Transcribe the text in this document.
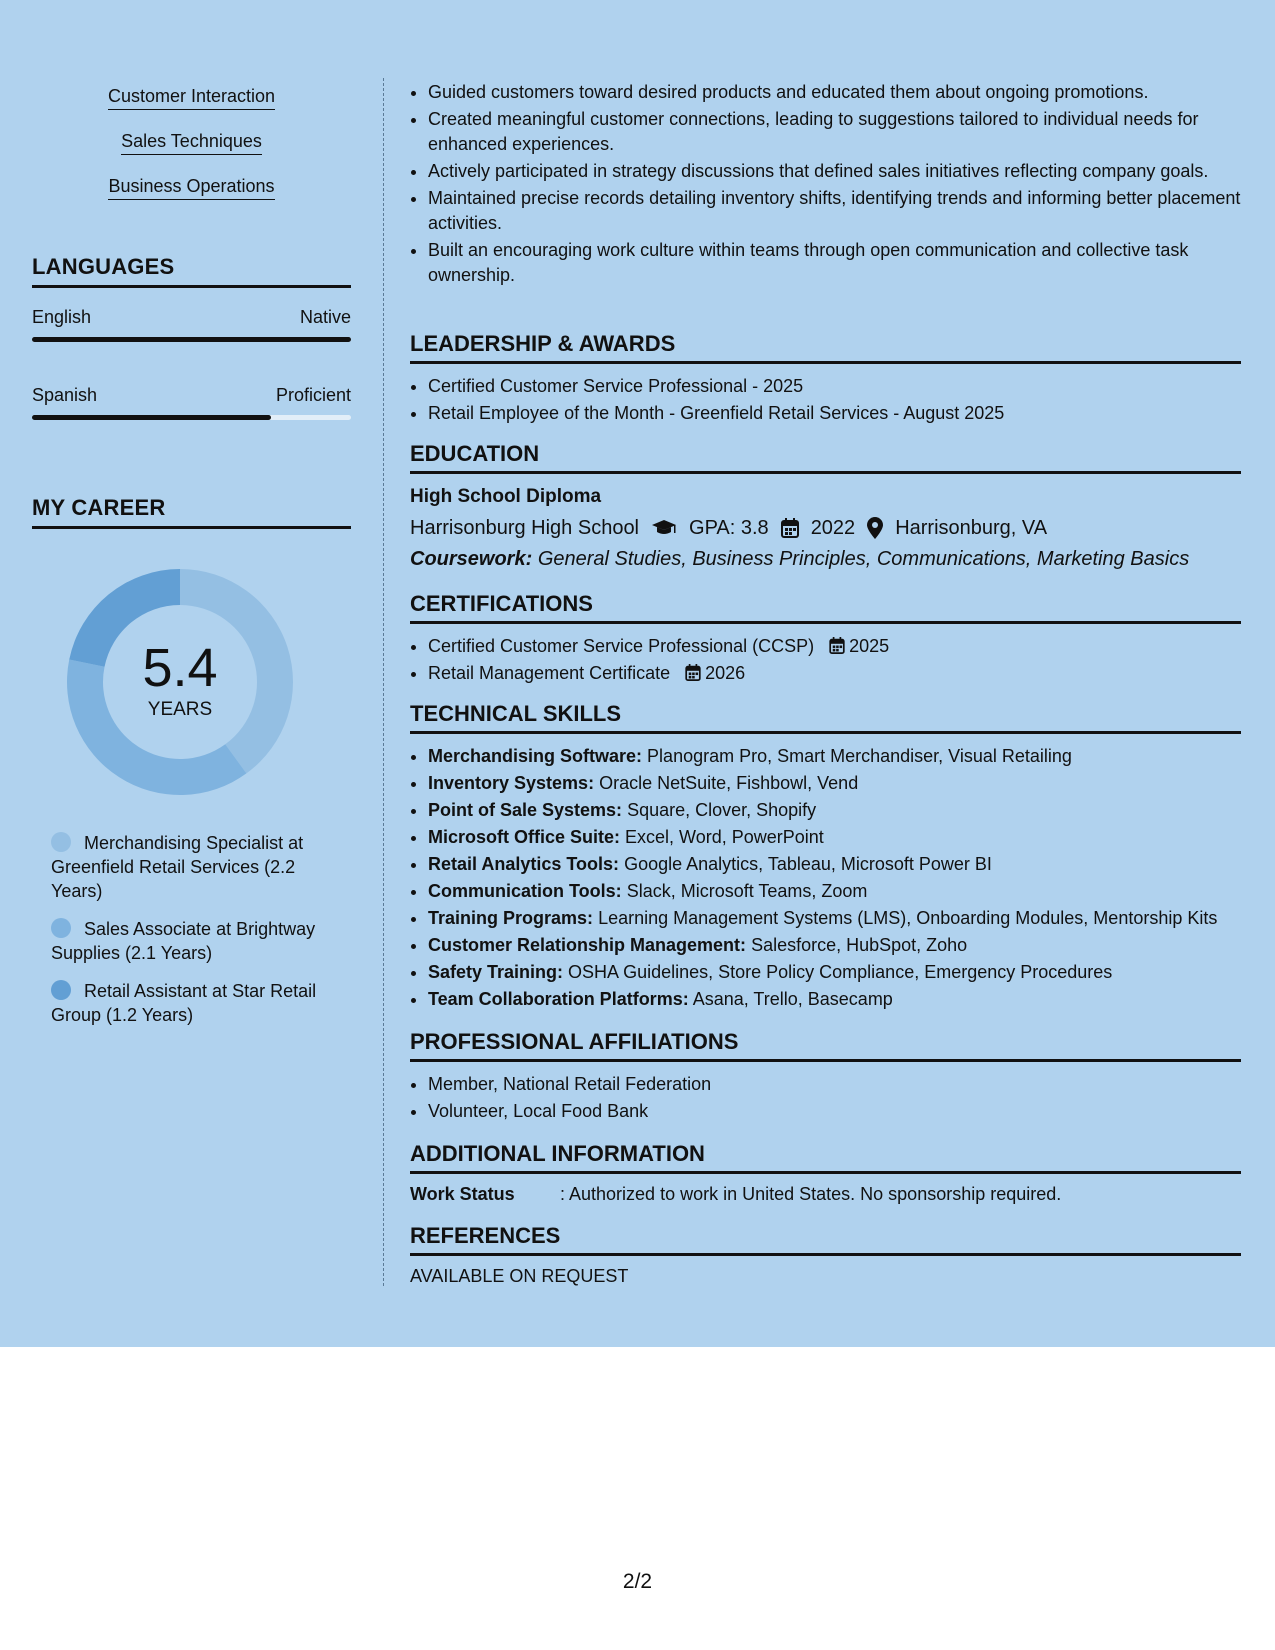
Customer Interaction
Sales Techniques
Business Operations
LANGUAGES
English	Native
Spanish	Proficient
MY CAREER
5.4
YEARS
Merchandising Specialist at Greenfield Retail Services (2.2 Years)
Sales Associate at Brightway Supplies (2.1 Years)
Retail Assistant at Star Retail Group (1.2 Years)
• Guided customers toward desired products and educated them about ongoing promotions.
• Created meaningful customer connections, leading to suggestions tailored to individual needs for enhanced experiences.
• Actively participated in strategy discussions that defined sales initiatives reflecting company goals.
• Maintained precise records detailing inventory shifts, identifying trends and informing better placement activities.
• Built an encouraging work culture within teams through open communication and collective task ownership.
LEADERSHIP & AWARDS
• Certified Customer Service Professional - 2025
• Retail Employee of the Month - Greenfield Retail Services - August 2025
EDUCATION
High School Diploma
Harrisonburg High School	GPA: 3.8 2022 Harrisonburg, VA
Coursework: General Studies, Business Principles, Communications, Marketing Basics
CERTIFICATIONS
• Certified Customer Service Professional (CCSP) 2025
• Retail Management Certificate 2026
TECHNICAL SKILLS
• Merchandising Software: Planogram Pro, Smart Merchandiser, Visual Retailing
• Inventory Systems: Oracle NetSuite, Fishbowl, Vend
• Point of Sale Systems: Square, Clover, Shopify
• Microsoft Office Suite: Excel, Word, PowerPoint
• Retail Analytics Tools: Google Analytics, Tableau, Microsoft Power BI
• Communication Tools: Slack, Microsoft Teams, Zoom
• Training Programs: Learning Management Systems (LMS), Onboarding Modules, Mentorship Kits
• Customer Relationship Management: Salesforce, HubSpot, Zoho
• Safety Training: OSHA Guidelines, Store Policy Compliance, Emergency Procedures
• Team Collaboration Platforms: Asana, Trello, Basecamp
PROFESSIONAL AFFILIATIONS
• Member, National Retail Federation
• Volunteer, Local Food Bank
ADDITIONAL INFORMATION
Work Status	: Authorized to work in United States. No sponsorship required.
REFERENCES
AVAILABLE ON REQUEST
2/2
